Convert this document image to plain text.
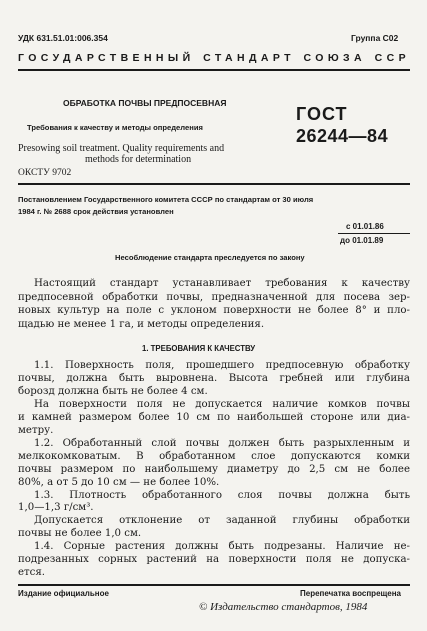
УДК 631.51.01:006.354	Группа С02
ГОСУДАРСТВЕННЫЙ СТАНДАРТ СОЮЗА ССР
ОБРАБОТКА ПОЧВЫ ПРЕДПОСЕВНАЯ
Требования к качеству и методы определения
Presowing soil treatment. Quality requirements and
methods for determination
ОКСТУ 9702
ГОСТ
26244—84
Постановлением Государственного комитета СССР по стандартам от 30 июля
1984 г. № 2688 срок действия установлен
с 01.01.86
до 01.01.89
Несоблюдение стандарта преследуется по закону

Настоящий стандарт устанавливает требования к качеству

предпосевной обработки почвы, предназначенной для посева зер-

новых культур на поле с уклоном поверхности не более 8° и пло-

щадью не менее 1 га, и методы определения.

1. ТРЕБОВАНИЯ К КАЧЕСТВУ

1.1. Поверхность поля, прошедшего предпосевную обработку

почвы, должна быть выровнена. Высота гребней или глубина

борозд должна быть не более 4 см.

На поверхности поля не допускается наличие комков почвы

и камней размером более 10 см по наибольшей стороне или диа-

метру.

1.2. Обработанный слой почвы должен быть разрыхленным и

мелкокомковатым. В обработанном слое допускаются комки

почвы размером по наибольшему диаметру до 2,5 см не более

80%, а от 5 до 10 см — не более 10%.

1.3. Плотность обработанного слоя почвы должна быть

1,0—1,3 г/см³.

Допускается отклонение от заданной глубины обработки

почвы не более 1,0 см.

1.4. Сорные растения должны быть подрезаны. Наличие не-

подрезанных сорных растений на поверхности поля не допуска-

ется.

Издание официальное	Перепечатка воспрещена
© Издательство стандартов, 1984
